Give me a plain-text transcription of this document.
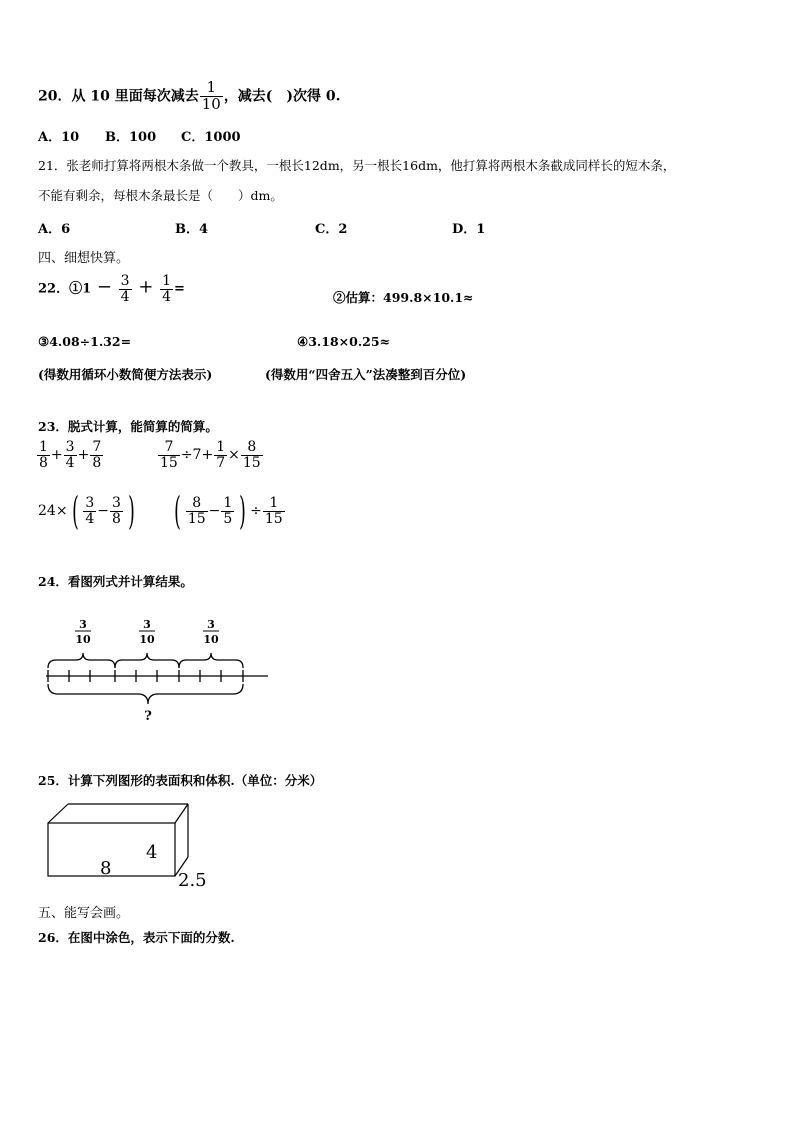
20．从 10 里面每次减去 $\frac{1}{10}$ ，减去(　)次得 0.
A．10 B．100 C．1000
21．张老师打算将两根木条做一个教具，一根长12dm，另一根长16dm，他打算将两根木条截成同样长的短木条，
不能有剩余，每根木条最长是（　　）dm。
A．6	B．4	C．2	D．1
四、细想快算。
22．①1 − $\frac{3}{4} + \frac{1}{4}$ =
②估算：499.8×10.1≈
③4.08÷1.32=	④3.18×0.25≈
(得数用循环小数简便方法表示)	(得数用“四舍五入”法凑整到百分位)
23．脱式计算，能简算的简算。
$\frac{1}{8} + \frac{3}{4} + \frac{7}{8}$	$\frac{7}{15} \div 7+ \frac{1}{7} \times \frac{8}{15}$
24× ( $\frac{3}{4} - \frac{3}{8}$ ) ( $\frac{8}{15} - \frac{1}{5}$ ) ÷ $\frac{1}{15}$
24．看图列式并计算结果。
3
10
3
10
3
10
?
25．计算下列图形的表面积和体积.（单位：分米）
8
4
2.5
五、能写会画。
26．在图中涂色，表示下面的分数.
